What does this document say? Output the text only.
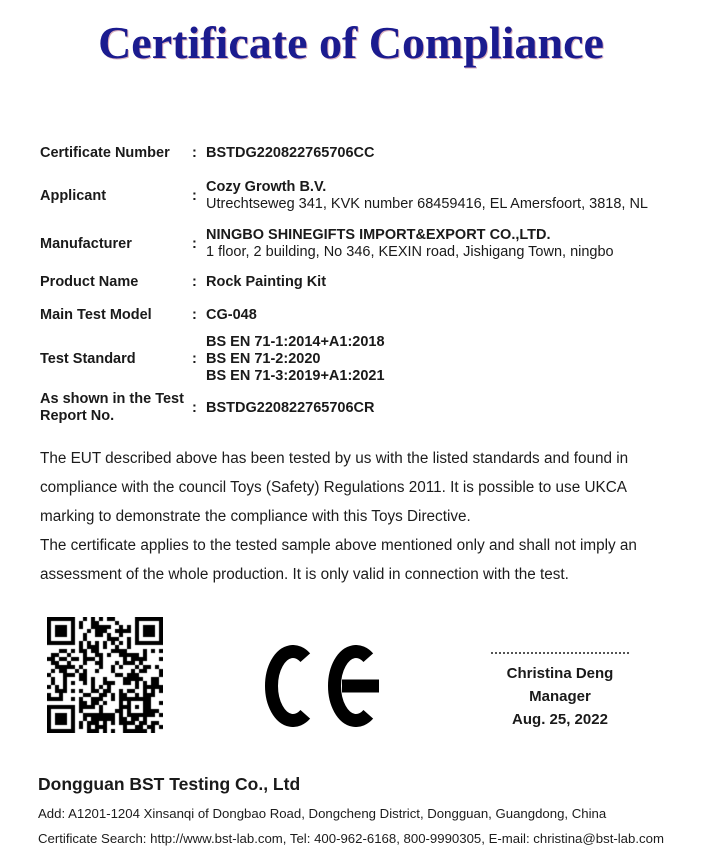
Certificate of Compliance
Certificate Number	: BSTDG220822765706CC
Applicant	:
Cozy Growth B.V.
Utrechtseweg 341, KVK number 68459416, EL Amersfoort, 3818, NL
Manufacturer	:
NINGBO SHINEGIFTS IMPORT&EXPORT CO.,LTD.
1 floor, 2 building, No 346, KEXIN road, Jishigang Town, ningbo
Product Name	: Rock Painting Kit
Main Test Model	: CG-048
Test Standard	:
BS EN 71-1:2014+A1:2018
BS EN 71-2:2020
BS EN 71-3:2019+A1:2021
As shown in the Test Report No.
: BSTDG220822765706CR
The EUT described above has been tested by us with the listed standards and found in
compliance with the council Toys (Safety) Regulations 2011. It is possible to use UKCA
marking to demonstrate the compliance with this Toys Directive.
The certificate applies to the tested sample above mentioned only and shall not imply an
assessment of the whole production. It is only valid in connection with the test.
Christina Deng
Manager
Aug. 25, 2022
Dongguan BST Testing Co., Ltd
Add: A1201-1204 Xinsanqi of Dongbao Road, Dongcheng District, Dongguan, Guangdong, China
Certificate Search: http://www.bst-lab.com, Tel: 400-962-6168, 800-9990305, E-mail: christina@bst-lab.com
